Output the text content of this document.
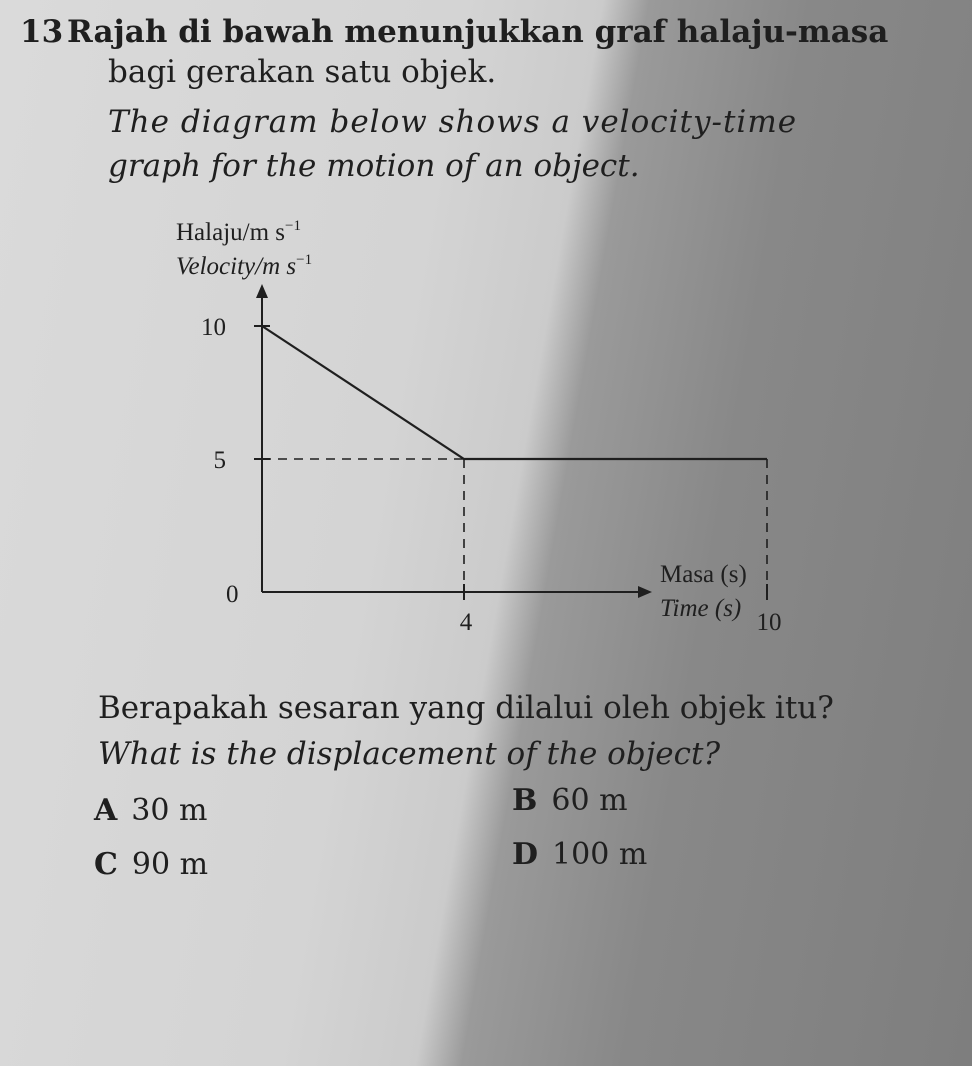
13 Rajah di bawah menunjukkan graf halaju-masa
bagi gerakan satu objek.
The diagram below shows a velocity-time
graph for the motion of an object.
10
5
4	10
Halaju/m $s^{-1}$
Velocity/m $s^{-1}$
Masa (s)
Time (s)
0
Berapakah sesaran yang dilalui oleh objek itu?
What is the displacement of the object?
A 30 m	B 60 m
C 90 m	D 100 m
